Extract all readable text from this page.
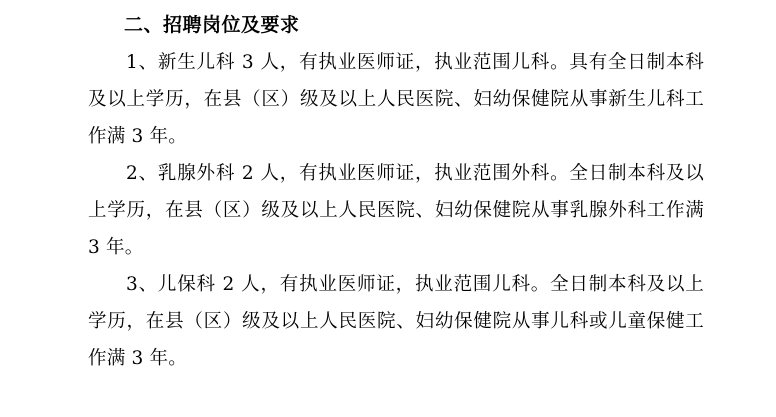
二、招聘岗位及要求

1、新生儿科 3 人，有执业医师证，执业范围儿科。具有全日制本科及以上学历，在县（区）级及以上人民医院、妇幼保健院从事新生儿科工作满 3 年。

2、乳腺外科 2 人，有执业医师证，执业范围外科。全日制本科及以上学历，在县（区）级及以上人民医院、妇幼保健院从事乳腺外科工作满 3 年。

3、儿保科 2 人，有执业医师证，执业范围儿科。全日制本科及以上学历，在县（区）级及以上人民医院、妇幼保健院从事儿科或儿童保健工作满 3 年。
